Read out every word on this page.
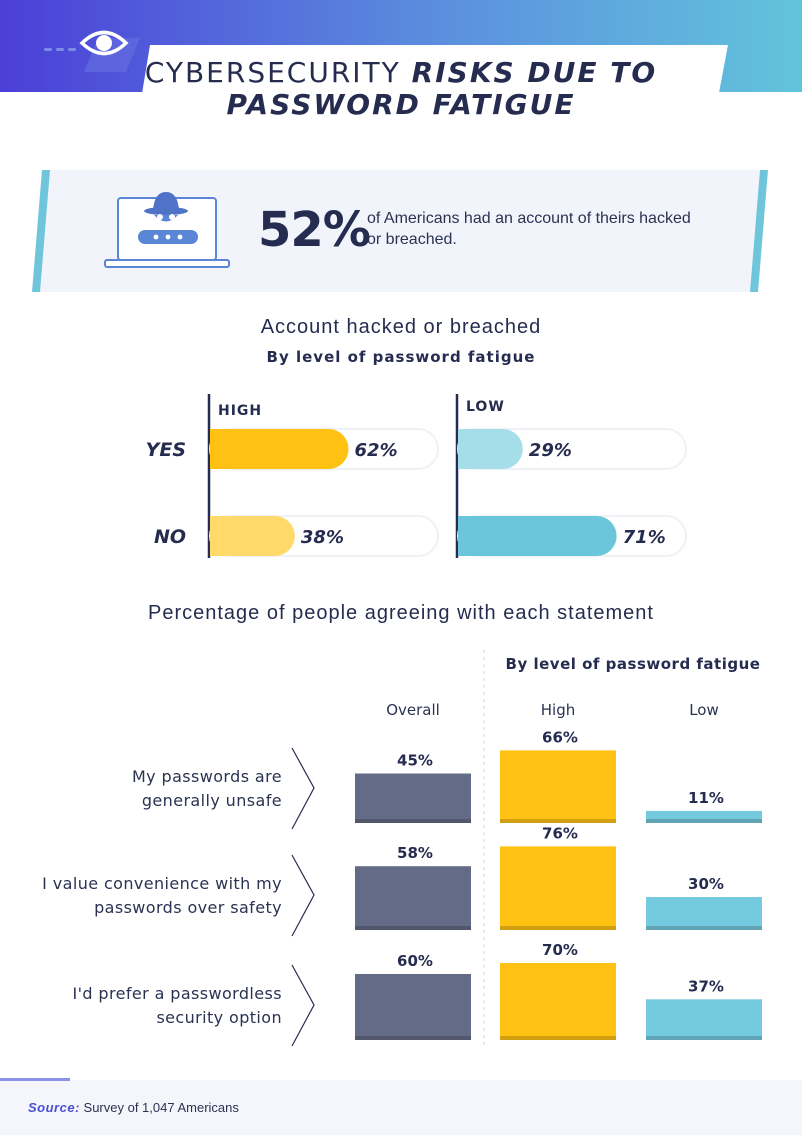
CYBERSECURITY RISKS DUE TO
PASSWORD FATIGUE
52%
of Americans had an account of theirs hacked or breached.
Account hacked or breached
By level of password fatigue
YES
NO
HIGH
62%
38%
LOW
29%
71%
Percentage of people agreeing with each statement
By level of password fatigue
Overall	High	Low
My passwords are
generally unsafe
45%
66%
11%
I value convenience with my
passwords over safety
58%
76%
30%
I'd prefer a passwordless
security option
60%
70%
37%
Source: Survey of 1,047 Americans
